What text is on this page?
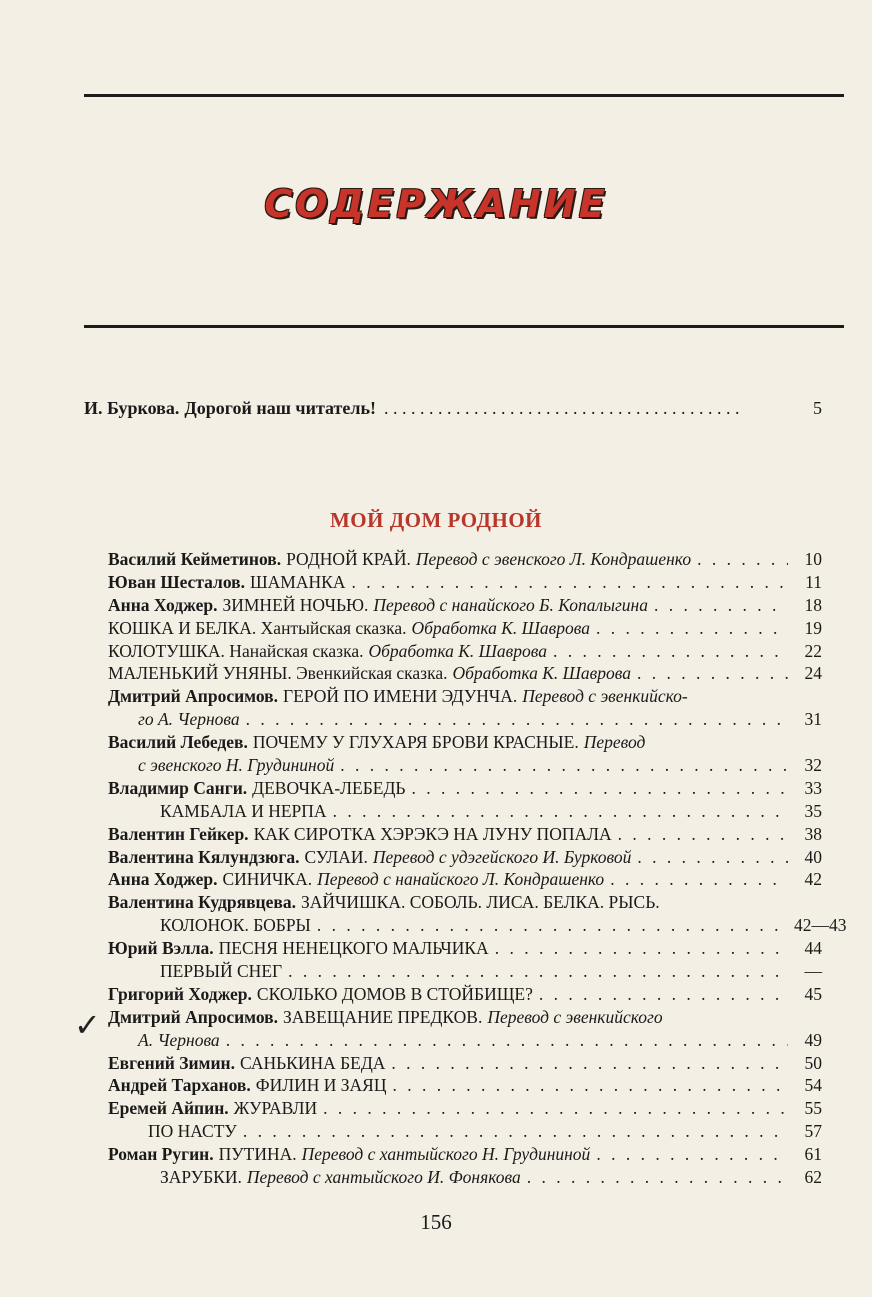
СОДЕРЖАНИЕ
И. Буркова. Дорогой наш читатель! . . . . . . . . . . . . . . . . . . . . . . . . . . . . . . . . . . . . . . . .	5
МОЙ ДОМ РОДНОЙ
Василий Кейметинов. РОДНОЙ КРАЙ. Перевод с эвенского Л. Кондрашенко . . .	10
Юван Шесталов. ШАМАНКА . . .	11
Анна Ходжер. ЗИМНЕЙ НОЧЬЮ. Перевод с нанайского Б. Копалыгина . . .	18
КОШКА И БЕЛКА. Хантыйская сказка. Обработка К. Шаврова . . .	19
КОЛОТУШКА. Нанайская сказка. Обработка К. Шаврова . . .	22
МАЛЕНЬКИЙ УНЯНЫ. Эвенкийская сказка. Обработка К. Шаврова . . .	24
Дмитрий Апросимов. ГЕРОЙ ПО ИМЕНИ ЭДУНЧА. Перевод с эвенкийско-
го А. Чернова . . .	31
Василий Лебедев. ПОЧЕМУ У ГЛУХАРЯ БРОВИ КРАСНЫЕ. Перевод
с эвенского Н. Грудининой . . .	32
Владимир Санги. ДЕВОЧКА-ЛЕБЕДЬ . . .	33
КАМБАЛА И НЕРПА . . .	35
Валентин Гейкер. КАК СИРОТКА ХЭРЭКЭ НА ЛУНУ ПОПАЛА . . .	38
Валентина Кялундзюга. СУЛАИ. Перевод с удэгейского И. Бурковой . . .	40
Анна Ходжер. СИНИЧКА. Перевод с нанайского Л. Кондрашенко . . .	42
Валентина Кудрявцева. ЗАЙЧИШКА. СОБОЛЬ. ЛИСА. БЕЛКА. РЫСЬ.
КОЛОНОК. БОБРЫ . . .	42—43
Юрий Вэлла. ПЕСНЯ НЕНЕЦКОГО МАЛЬЧИКА . . .	44
ПЕРВЫЙ СНЕГ . . .	—
Григорий Ходжер. СКОЛЬКО ДОМОВ В СТОЙБИЩЕ? . . .	45
Дмитрий Апросимов. ЗАВЕЩАНИЕ ПРЕДКОВ. Перевод с эвенкийского
А. Чернова . . .	49
Евгений Зимин. САНЬКИНА БЕДА . . .	50
Андрей Тарханов. ФИЛИН И ЗАЯЦ . . .	54
Еремей Айпин. ЖУРАВЛИ . . .	55
ПО НАСТУ . . .	57
Роман Ругин. ПУТИНА. Перевод с хантыйского Н. Грудининой . . .	61
ЗАРУБКИ. Перевод с хантыйского И. Фонякова . . .	62
✓
156
